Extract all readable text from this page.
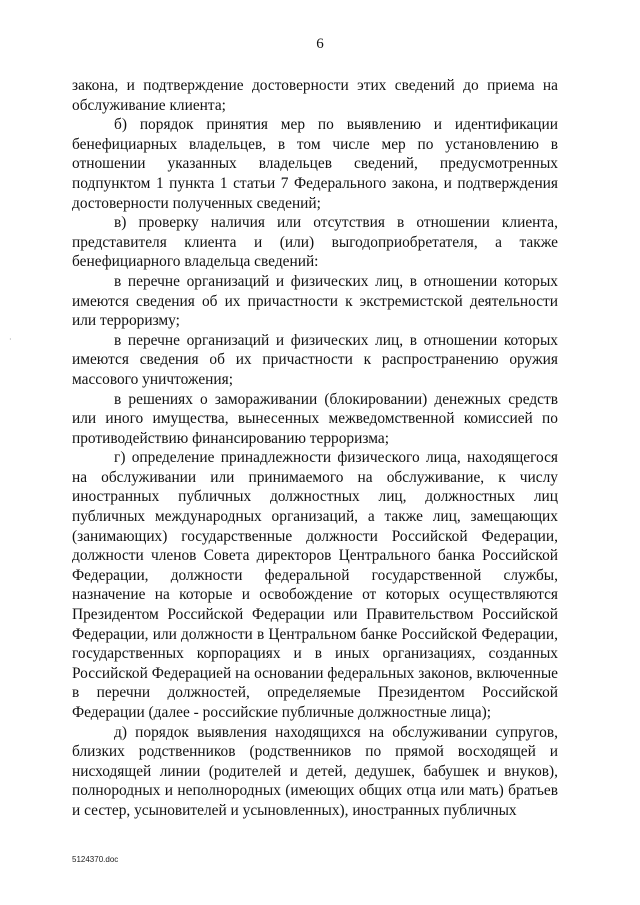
6
·

закона, и подтверждение достоверности этих сведений до приема на обслуживание клиента;

б) порядок принятия мер по выявлению и идентификации бенефициарных владельцев, в том числе мер по установлению в отношении указанных владельцев сведений, предусмотренных подпунктом 1 пункта 1 статьи 7 Федерального закона, и подтверждения достоверности полученных сведений;

в) проверку наличия или отсутствия в отношении клиента, представителя клиента и (или) выгодоприобретателя, а также бенефициарного владельца сведений:

в перечне организаций и физических лиц, в отношении которых имеются сведения об их причастности к экстремистской деятельности или терроризму;

в перечне организаций и физических лиц, в отношении которых имеются сведения об их причастности к распространению оружия массового уничтожения;

в решениях о замораживании (блокировании) денежных средств или иного имущества, вынесенных межведомственной комиссией по противодействию финансированию терроризма;

г) определение принадлежности физического лица, находящегося на обслуживании или принимаемого на обслуживание, к числу иностранных публичных должностных лиц, должностных лиц публичных международных организаций, а также лиц, замещающих (занимающих) государственные должности Российской Федерации, должности членов Совета директоров Центрального банка Российской Федерации, должности федеральной государственной службы, назначение на которые и освобождение от которых осуществляются Президентом Российской Федерации или Правительством Российской Федерации, или должности в Центральном банке Российской Федерации, государственных корпорациях и в иных организациях, созданных Российской Федерацией на основании федеральных законов, включенные в перечни должностей, определяемые Президентом Российской Федерации (далее - российские публичные должностные лица);

д) порядок выявления находящихся на обслуживании супругов, близких родственников (родственников по прямой восходящей и нисходящей линии (родителей и детей, дедушек, бабушек и внуков), полнородных и неполнородных (имеющих общих отца или мать) братьев и сестер, усыновителей и усыновленных), иностранных публичных

5124370.doc
